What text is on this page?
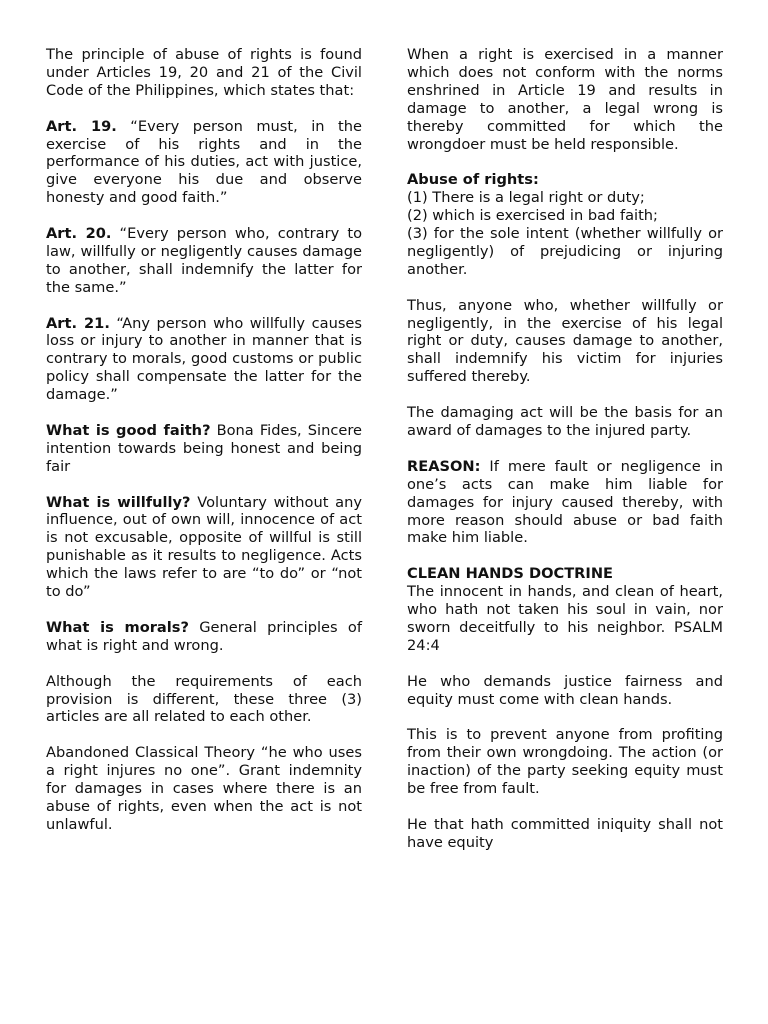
The principle of abuse of rights is found under Articles 19, 20 and 21 of the Civil Code of the Philippines, which states that:

Art. 19. “Every person must, in the exercise of his rights and in the performance of his duties, act with justice, give everyone his due and observe honesty and good faith.”

Art. 20. “Every person who, contrary to law, willfully or negligently causes damage to another, shall indemnify the latter for the same.”

Art. 21. “Any person who willfully causes loss or injury to another in manner that is contrary to morals, good customs or public policy shall compensate the latter for the damage.”

What is good faith? Bona Fides, Sincere intention towards being honest and being fair

What is willfully? Voluntary without any influence, out of own will, innocence of act is not excusable, opposite of willful is still punishable as it results to negligence. Acts which the laws refer to are “to do” or “not to do”

What is morals? General principles of what is right and wrong.

Although the requirements of each provision is different, these three (3) articles are all related to each other.

Abandoned Classical Theory “he who uses a right injures no one”. Grant indemnity for damages in cases where there is an abuse of rights, even when the act is not unlawful.

When a right is exercised in a manner which does not conform with the norms enshrined in Article 19 and results in damage to another, a legal wrong is thereby committed for which the wrongdoer must be held responsible.

Abuse of rights:
(1) There is a legal right or duty;
(2) which is exercised in bad faith;
(3) for the sole intent (whether willfully or negligently) of prejudicing or injuring another.

Thus, anyone who, whether willfully or negligently, in the exercise of his legal right or duty, causes damage to another, shall indemnify his victim for injuries suffered thereby.

The damaging act will be the basis for an award of damages to the injured party.

REASON: If mere fault or negligence in one’s acts can make him liable for damages for injury caused thereby, with more reason should abuse or bad faith make him liable.

CLEAN HANDS DOCTRINE
The innocent in hands, and clean of heart, who hath not taken his soul in vain, nor sworn deceitfully to his neighbor. PSALM 24:4

He who demands justice fairness and equity must come with clean hands.

This is to prevent anyone from profiting from their own wrongdoing. The action (or inaction) of the party seeking equity must be free from fault.

He that hath committed iniquity shall not have equity
